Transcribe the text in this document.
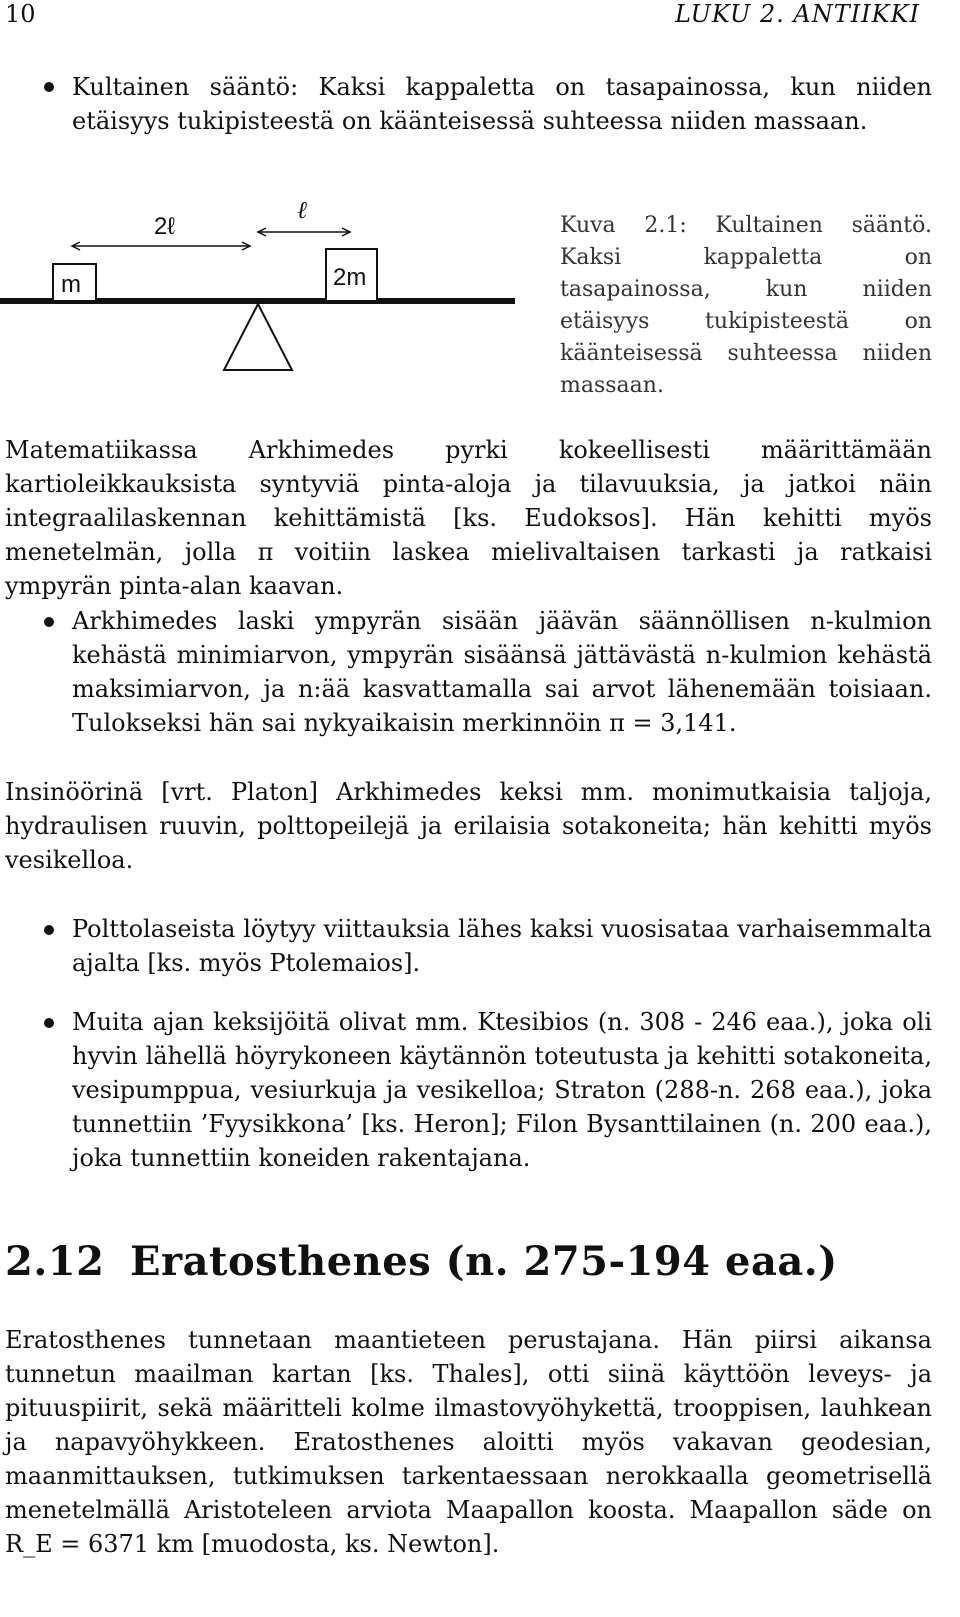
10	LUKU 2. ANTIIKKI

Kultainen sääntö: Kaksi kappaletta on tasapainossa, kun niiden etäisyys tukipisteestä on käänteisessä suhteessa niiden massaan.

m	2m
2ℓ
ℓ

Kuva 2.1: Kultainen sääntö. Kaksi kappaletta on tasapainossa, kun niiden etäisyys tukipisteestä on käänteisessä suhteessa niiden massaan.

Matematiikassa Arkhimedes pyrki kokeellisesti määrittämään kartioleikkauksista syntyviä pinta-aloja ja tilavuuksia, ja jatkoi näin integraalilaskennan kehittämistä [ks. Eudoksos]. Hän kehitti myös menetelmän, jolla π voitiin laskea mielivaltaisen tarkasti ja ratkaisi ympyrän pinta-alan kaavan.

Arkhimedes laski ympyrän sisään jäävän säännöllisen n-kulmion kehästä minimiarvon, ympyrän sisäänsä jättävästä n-kulmion kehästä maksimiarvon, ja n:ää kasvattamalla sai arvot lähenemään toisiaan. Tulokseksi hän sai nykyaikaisin merkinnöin π = 3,141.

Insinöörinä [vrt. Platon] Arkhimedes keksi mm. monimutkaisia taljoja, hydraulisen ruuvin, polttopeilejä ja erilaisia sotakoneita; hän kehitti myös vesikelloa.

Polttolaseista löytyy viittauksia lähes kaksi vuosisataa varhaisemmalta ajalta [ks. myös Ptolemaios].

Muita ajan keksijöitä olivat mm. Ktesibios (n. 308 - 246 eaa.), joka oli hyvin lähellä höyrykoneen käytännön toteutusta ja kehitti sotakoneita, vesipumppua, vesiurkuja ja vesikelloa; Straton (288-n. 268 eaa.), joka tunnettiin ’Fyysikkona’ [ks. Heron]; Filon Bysanttilainen (n. 200 eaa.), joka tunnettiin koneiden rakentajana.

2.12 Eratosthenes (n. 275-194 eaa.)

Eratosthenes tunnetaan maantieteen perustajana. Hän piirsi aikansa tunnetun maailman kartan [ks. Thales], otti siinä käyttöön leveys- ja pituuspiirit, sekä määritteli kolme ilmastovyöhykettä, trooppisen, lauhkean ja napavyöhykkeen. Eratosthenes aloitti myös vakavan geodesian, maanmittauksen, tutkimuksen tarkentaessaan nerokkaalla geometrisellä menetelmällä Aristoteleen arviota Maapallon koosta. Maapallon säde on R_E = 6371 km [muodosta, ks. Newton].
